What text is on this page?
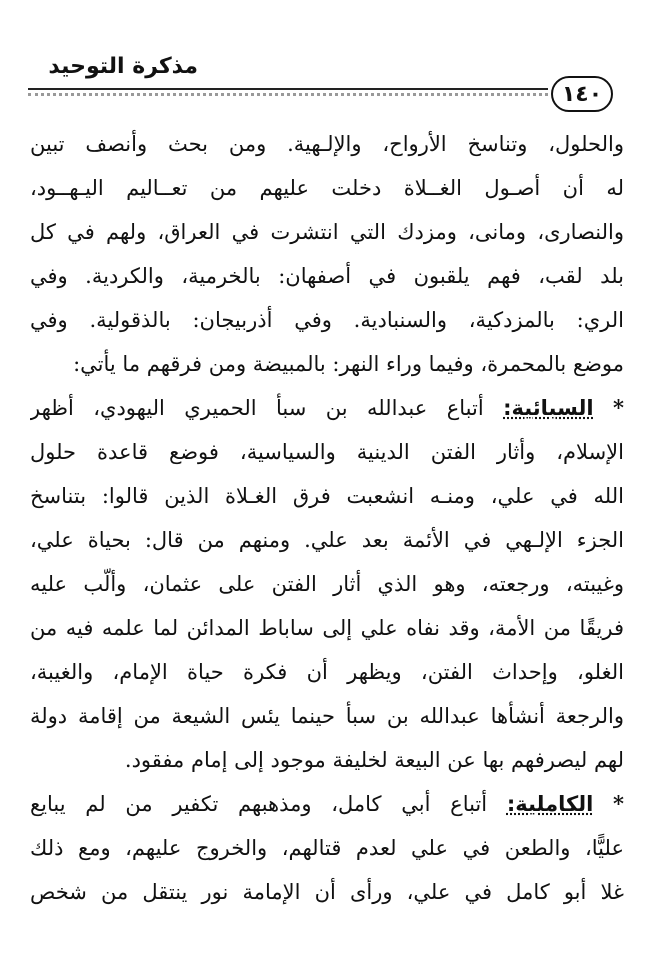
مذكرة التوحيد
١٤٠
والحلول، وتناسخ الأرواح، والإلـهية. ومن بحث وأنصف تبين
له أن أصـول الغــلاة دخلت عليهم من تعــاليم اليـهــود،
والنصارى، ومانى، ومزدك التي انتشرت في العراق، ولهم في كل
بلد لقب، فهم يلقبون في أصفهان: بالخرمية، والكردية. وفي
الري: بالمزدكية، والسنبادية. وفي أذربيجان: بالذقولية. وفي
موضع بالمحمرة، وفيما وراء النهر: بالمبيضة ومن فرقهم ما يأتي:
* السبائية: أتباع عبدالله بن سبأ الحميري اليهودي، أظهر
الإسلام، وأثار الفتن الدينية والسياسية، فوضع قاعدة حلول
الله في علي، ومنـه انشعبت فرق الغـلاة الذين قالوا: بتناسخ
الجزء الإلـهي في الأئمة بعد علي. ومنهم من قال: بحياة علي،
وغيبته، ورجعته، وهو الذي أثار الفتن على عثمان، وألّب عليه
فريقًا من الأمة، وقد نفاه علي إلى ساباط المدائن لما علمه فيه من
الغلو، وإحداث الفتن، ويظهر أن فكرة حياة الإمام، والغيبة،
والرجعة أنشأها عبدالله بن سبأ حينما يئس الشيعة من إقامة دولة
لهم ليصرفهم بها عن البيعة لخليفة موجود إلى إمام مفقود.
* الكاملية: أتباع أبي كامل، ومذهبهم تكفير من لم يبايع
عليًّا، والطعن في علي لعدم قتالهم، والخروج عليهم، ومع ذلك
غلا أبو كامل في علي، ورأى أن الإمامة نور ينتقل من شخص
